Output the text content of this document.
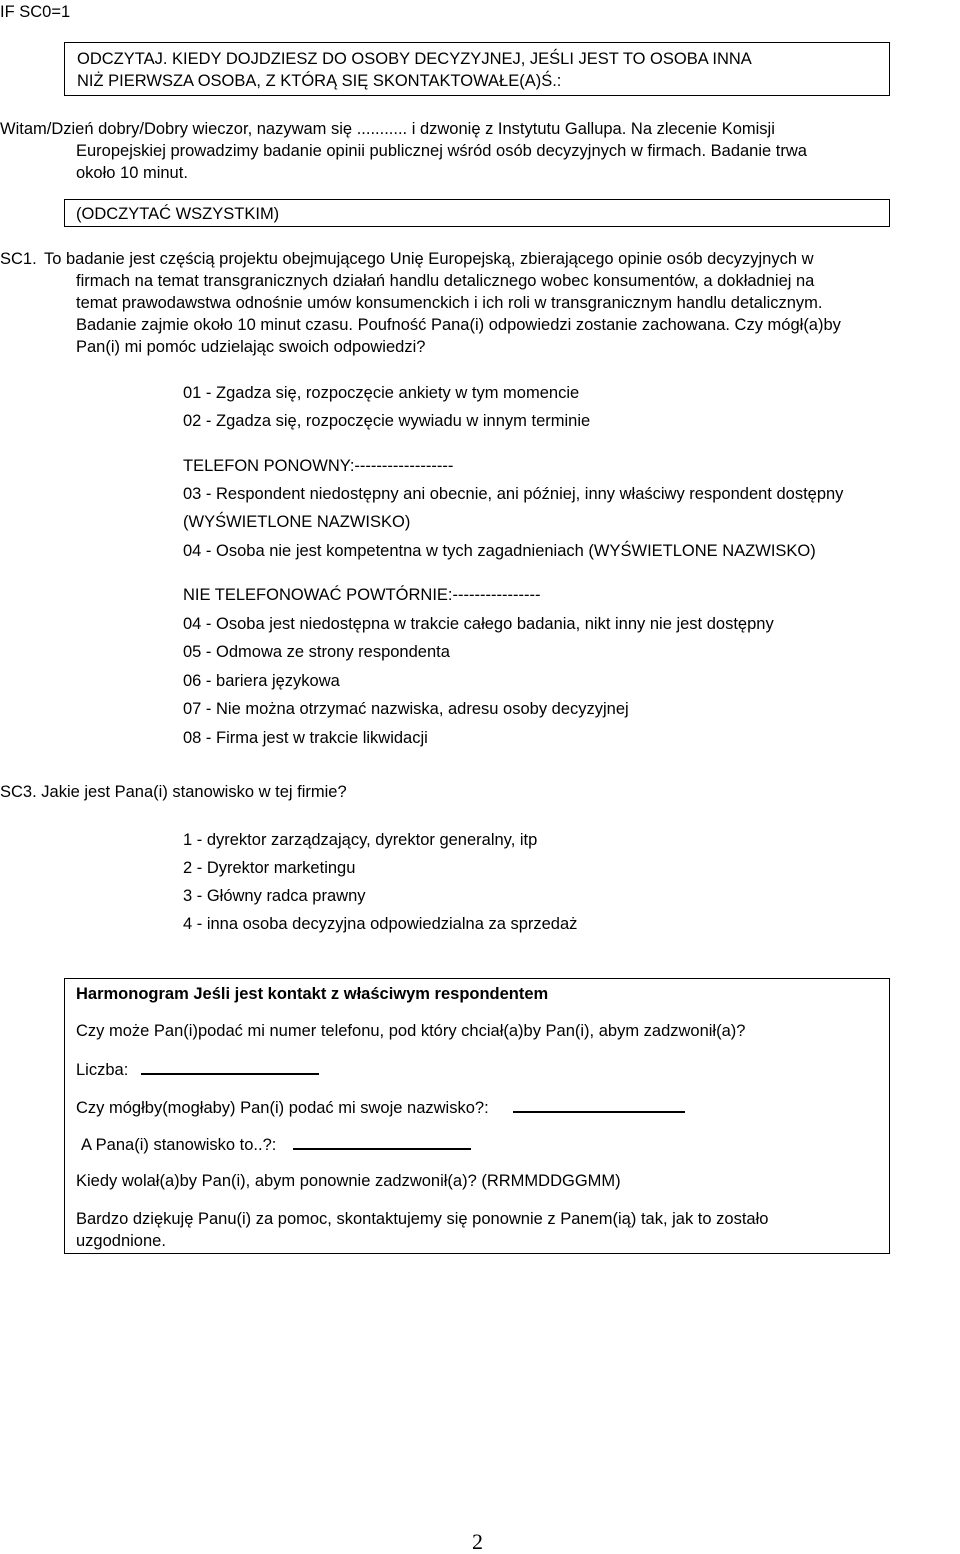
IF SC0=1
ODCZYTAJ. KIEDY DOJDZIESZ DO OSOBY DECYZYJNEJ, JEŚLI JEST TO OSOBA INNA
NIŻ PIERWSZA OSOBA, Z KTÓRĄ SIĘ SKONTAKTOWAŁE(A)Ś.:
Witam/Dzień dobry/Dobry wieczor, nazywam się ........... i dzwonię z Instytutu Gallupa. Na zlecenie Komisji
Europejskiej prowadzimy badanie opinii publicznej wśród osób decyzyjnych w firmach. Badanie trwa
około 10 minut.
(ODCZYTAĆ WSZYSTKIM)
SC1. To badanie jest częścią projektu obejmującego Unię Europejską, zbierającego opinie osób decyzyjnych w
firmach na temat transgranicznych działań handlu detalicznego wobec konsumentów, a dokładniej na
temat prawodawstwa odnośnie umów konsumenckich i ich roli w transgranicznym handlu detalicznym.
Badanie zajmie około 10 minut czasu. Poufność Pana(i) odpowiedzi zostanie zachowana. Czy mógł(a)by
Pan(i) mi pomóc udzielając swoich odpowiedzi?
01 - Zgadza się, rozpoczęcie ankiety w tym momencie
02 - Zgadza się, rozpoczęcie wywiadu w innym terminie
TELEFON PONOWNY:------------------
03 - Respondent niedostępny ani obecnie, ani później, inny właściwy respondent dostępny
(WYŚWIETLONE NAZWISKO)
04 - Osoba nie jest kompetentna w tych zagadnieniach (WYŚWIETLONE NAZWISKO)
NIE TELEFONOWAĆ POWTÓRNIE:----------------
04 - Osoba jest niedostępna w trakcie całego badania, nikt inny nie jest dostępny
05 - Odmowa ze strony respondenta
06 - bariera językowa
07 - Nie można otrzymać nazwiska, adresu osoby decyzyjnej
08 - Firma jest w trakcie likwidacji
SC3. Jakie jest Pana(i) stanowisko w tej firmie?
1 - dyrektor zarządzający, dyrektor generalny, itp
2 - Dyrektor marketingu
3 - Główny radca prawny
4 - inna osoba decyzyjna odpowiedzialna za sprzedaż
Harmonogram Jeśli jest kontakt z właściwym respondentem
Czy może Pan(i)podać mi numer telefonu, pod który chciał(a)by Pan(i), abym zadzwonił(a)?
Liczba:
Czy mógłby(mogłaby) Pan(i) podać mi swoje nazwisko?:
A Pana(i) stanowisko to..?:
Kiedy wolał(a)by Pan(i), abym ponownie zadzwonił(a)? (RRMMDDGGMM)
Bardzo dziękuję Panu(i) za pomoc, skontaktujemy się ponownie z Panem(ią) tak, jak to zostało
uzgodnione.
2
